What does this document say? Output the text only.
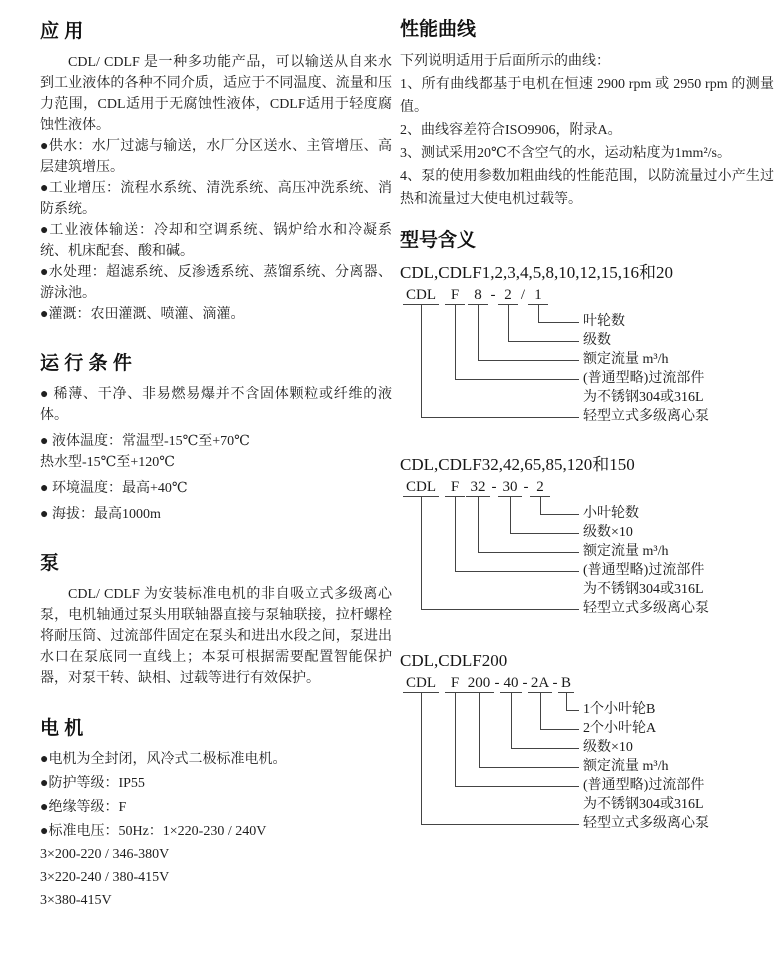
应 用

CDL/ CDLF 是一种多功能产品，可以输送从自来水到工业液体的各种不同介质，适应于不同温度、流量和压力范围，CDL适用于无腐蚀性液体，CDLF适用于轻度腐蚀性液体。

●供水：水厂过滤与输送，水厂分区送水、主管增压、高层建筑增压。

●工业增压：流程水系统、清洗系统、高压冲洗系统、消防系统。

●工业液体输送：冷却和空调系统、锅炉给水和冷凝系统、机床配套、酸和碱。

●水处理：超滤系统、反渗透系统、蒸馏系统、分离器、游泳池。

●灌溉：农田灌溉、喷灌、滴灌。

运 行 条 件

● 稀薄、干净、非易燃易爆并不含固体颗粒或纤维的液体。

● 液体温度：常温型-15℃至+70℃

热水型-15℃至+120℃

● 环境温度：最高+40℃

● 海拔：最高1000m

泵

CDL/ CDLF 为安装标准电机的非自吸立式多级离心泵，电机轴通过泵头用联轴器直接与泵轴联接，拉杆螺栓将耐压筒、过流部件固定在泵头和进出水段之间，泵进出水口在泵底同一直线上；本泵可根据需要配置智能保护器，对泵干转、缺相、过载等进行有效保护。

电 机

●电机为全封闭，风冷式二极标准电机。

●防护等级：IP55

●绝缘等级：F

●标准电压：50Hz：1×220-230 / 240V

3×200-220 / 346-380V

3×220-240 / 380-415V

3×380-415V

性能曲线

下列说明适用于后面所示的曲线：

1、所有曲线都基于电机在恒速 2900 rpm 或 2950 rpm 的测量值。

2、曲线容差符合ISO9906，附录A。

3、测试采用20℃不含空气的水，运动粘度为1mm²/s。

4、泵的使用参数加粗曲线的性能范围，以防流量过小产生过热和流量过大使电机过载等。

型号含义
CDL,CDLF1,2,3,4,5,8,10,12,15,16和20
CDL F	8 - 2 / 1
叶轮数
级数
额定流量 m³/h
(普通型略)过流部件
为不锈钢304或316L
轻型立式多级离心泵
CDL,CDLF32,42,65,85,120和150
CDL F 32 - 30 - 2
小叶轮数
级数×10
额定流量 m³/h
(普通型略)过流部件
为不锈钢304或316L
轻型立式多级离心泵
CDL,CDLF200
CDL F 200 - 40 - 2A - B
1个小叶轮B
2个小叶轮A
级数×10
额定流量 m³/h
(普通型略)过流部件
为不锈钢304或316L
轻型立式多级离心泵
